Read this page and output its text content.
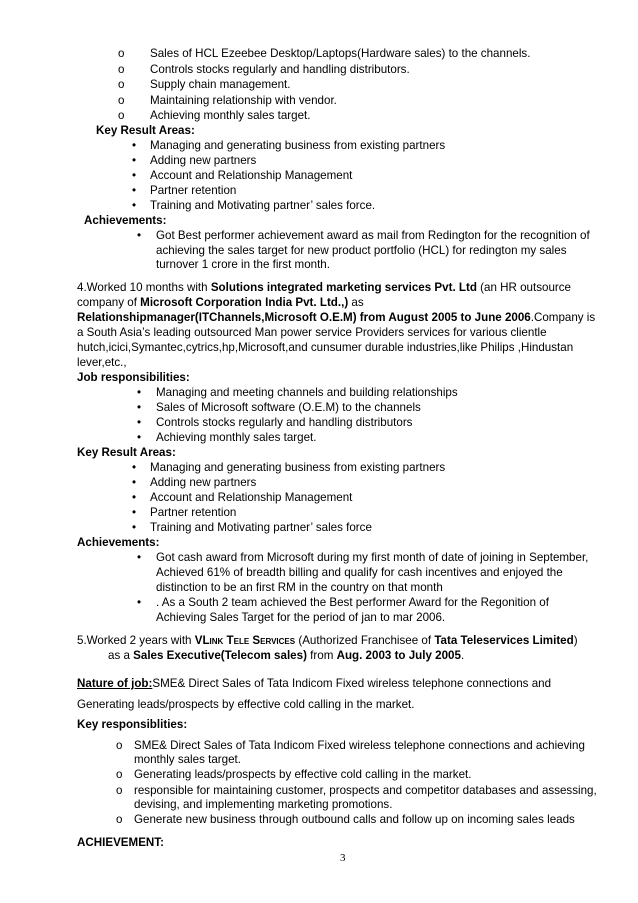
o Sales of HCL Ezeebee Desktop/Laptops(Hardware sales) to the channels.
o Controls stocks regularly and handling distributors.
o Supply chain management.
o Maintaining relationship with vendor.
o Achieving monthly sales target.
Key Result Areas:
• Managing and generating business from existing partners
• Adding new partners
• Account and Relationship Management
• Partner retention
• Training and Motivating partner’ sales force.
Achievements:
• Got Best performer achievement award as mail from Redington for the recognition of
achieving the sales target for new product portfolio (HCL) for redington my sales
turnover 1 crore in the first month.
4.Worked 10 months with Solutions integrated marketing services Pvt. Ltd (an HR outsource
company of Microsoft Corporation India Pvt. Ltd.,) as
Relationshipmanager(ITChannels,Microsoft O.E.M) from August 2005 to June 2006.Company is
a South Asia’s leading outsourced Man power service Providers services for various clientle
hutch,icici,Symantec,cytrics,hp,Microsoft,and cunsumer durable industries,like Philips ,Hindustan
lever,etc.,
Job responsibilities:
• Managing and meeting channels and building relationships
• Sales of Microsoft software (O.E.M) to the channels
• Controls stocks regularly and handling distributors
• Achieving monthly sales target.
Key Result Areas:
• Managing and generating business from existing partners
• Adding new partners
• Account and Relationship Management
• Partner retention
• Training and Motivating partner’ sales force
Achievements:
• Got cash award from Microsoft during my first month of date of joining in September,
Achieved 61% of breadth billing and qualify for cash incentives and enjoyed the
distinction to be an first RM in the country on that month
• . As a South 2 team achieved the Best performer Award for the Regonition of
Achieving Sales Target for the period of jan to mar 2006.
5.Worked 2 years with VLink Tele Services (Authorized Franchisee of Tata Teleservices Limited)
as a Sales Executive(Telecom sales) from Aug. 2003 to July 2005.
Nature of job:SME& Direct Sales of Tata Indicom Fixed wireless telephone connections and
Generating leads/prospects by effective cold calling in the market.
Key responsiblities:
o SME& Direct Sales of Tata Indicom Fixed wireless telephone connections and achieving
monthly sales target.
o Generating leads/prospects by effective cold calling in the market.
o responsible for maintaining customer, prospects and competitor databases and assessing,
devising, and implementing marketing promotions.
o Generate new business through outbound calls and follow up on incoming sales leads
ACHIEVEMENT:
3
